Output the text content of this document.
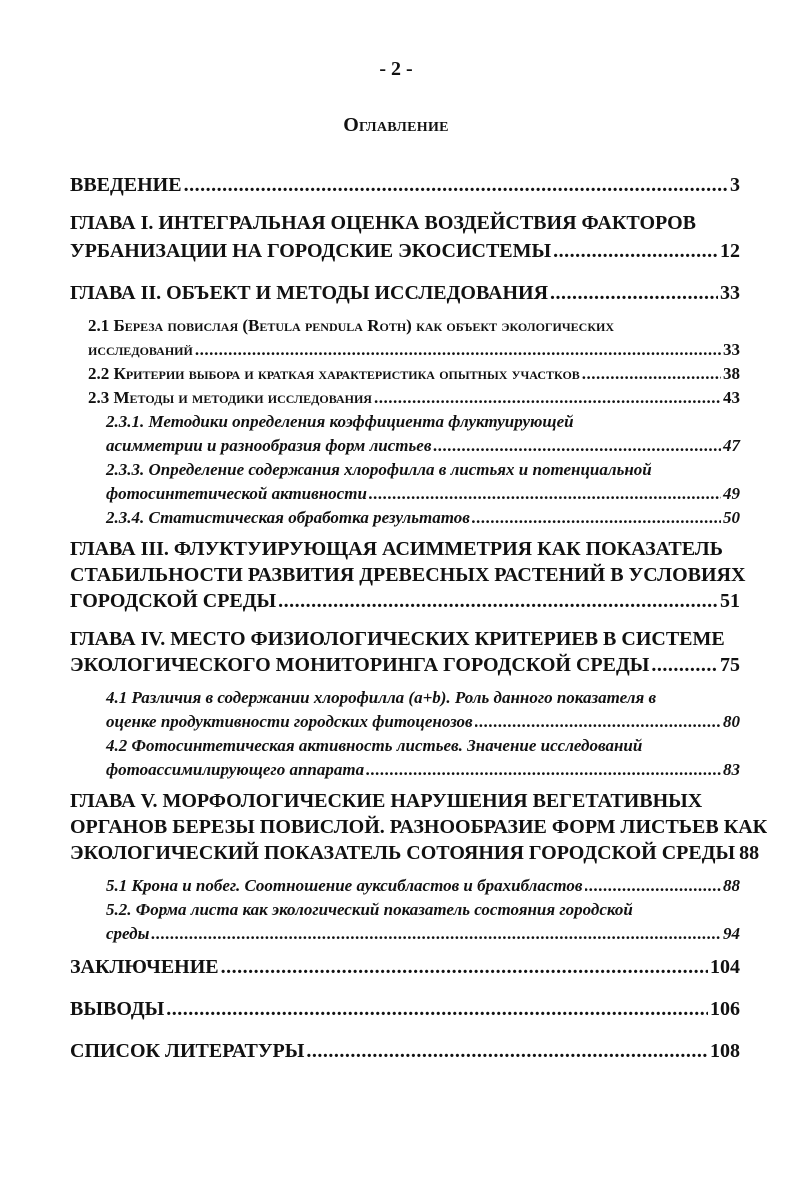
- 2 -
Оглавление
ВВЕДЕНИЕ .....	3
ГЛАВА I. ИНТЕГРАЛЬНАЯ ОЦЕНКА ВОЗДЕЙСТВИЯ ФАКТОРОВ
УРБАНИЗАЦИИ НА ГОРОДСКИЕ ЭКОСИСТЕМЫ .....	12
ГЛАВА II. ОБЪЕКТ И МЕТОДЫ ИССЛЕДОВАНИЯ .....	33
2.1 Береза повислая (Betula pendula Roth) как объект экологических
исследований .....	33
2.2 Критерии выбора и краткая характеристика опытных участков .....	38
2.3 Методы и методики исследования .....	43
2.3.1. Методики определения коэффициента флуктуирующей
асимметрии и разнообразия форм листьев .....	47
2.3.3. Определение содержания хлорофилла в листьях и потенциальной
фотосинтетической активности .....	49
2.3.4. Статистическая обработка результатов .....	50
ГЛАВА III. ФЛУКТУИРУЮЩАЯ АСИММЕТРИЯ КАК ПОКАЗАТЕЛЬ
СТАБИЛЬНОСТИ РАЗВИТИЯ ДРЕВЕСНЫХ РАСТЕНИЙ В УСЛОВИЯХ
ГОРОДСКОЙ СРЕДЫ .....	51
ГЛАВА IV. МЕСТО ФИЗИОЛОГИЧЕСКИХ КРИТЕРИЕВ В СИСТЕМЕ
ЭКОЛОГИЧЕСКОГО МОНИТОРИНГА ГОРОДСКОЙ СРЕДЫ .....	75
4.1 Различия в содержании хлорофилла (a+b). Роль данного показателя в
оценке продуктивности городских фитоценозов .....	80
4.2 Фотосинтетическая активность листьев. Значение исследований
фотоассимилирующего аппарата .....	83
ГЛАВА V. МОРФОЛОГИЧЕСКИЕ НАРУШЕНИЯ ВЕГЕТАТИВНЫХ
ОРГАНОВ БЕРЕЗЫ ПОВИСЛОЙ. РАЗНООБРАЗИЕ ФОРМ ЛИСТЬЕВ КАК
ЭКОЛОГИЧЕСКИЙ ПОКАЗАТЕЛЬ СОТОЯНИЯ ГОРОДСКОЙ СРЕДЫ 88
5.1 Крона и побег. Соотношение ауксибластов и брахибластов .....	88
5.2. Форма листа как экологический показатель состояния городской
среды .....	94
ЗАКЛЮЧЕНИЕ .....	104
ВЫВОДЫ .....	106
СПИСОК ЛИТЕРАТУРЫ .....	108
